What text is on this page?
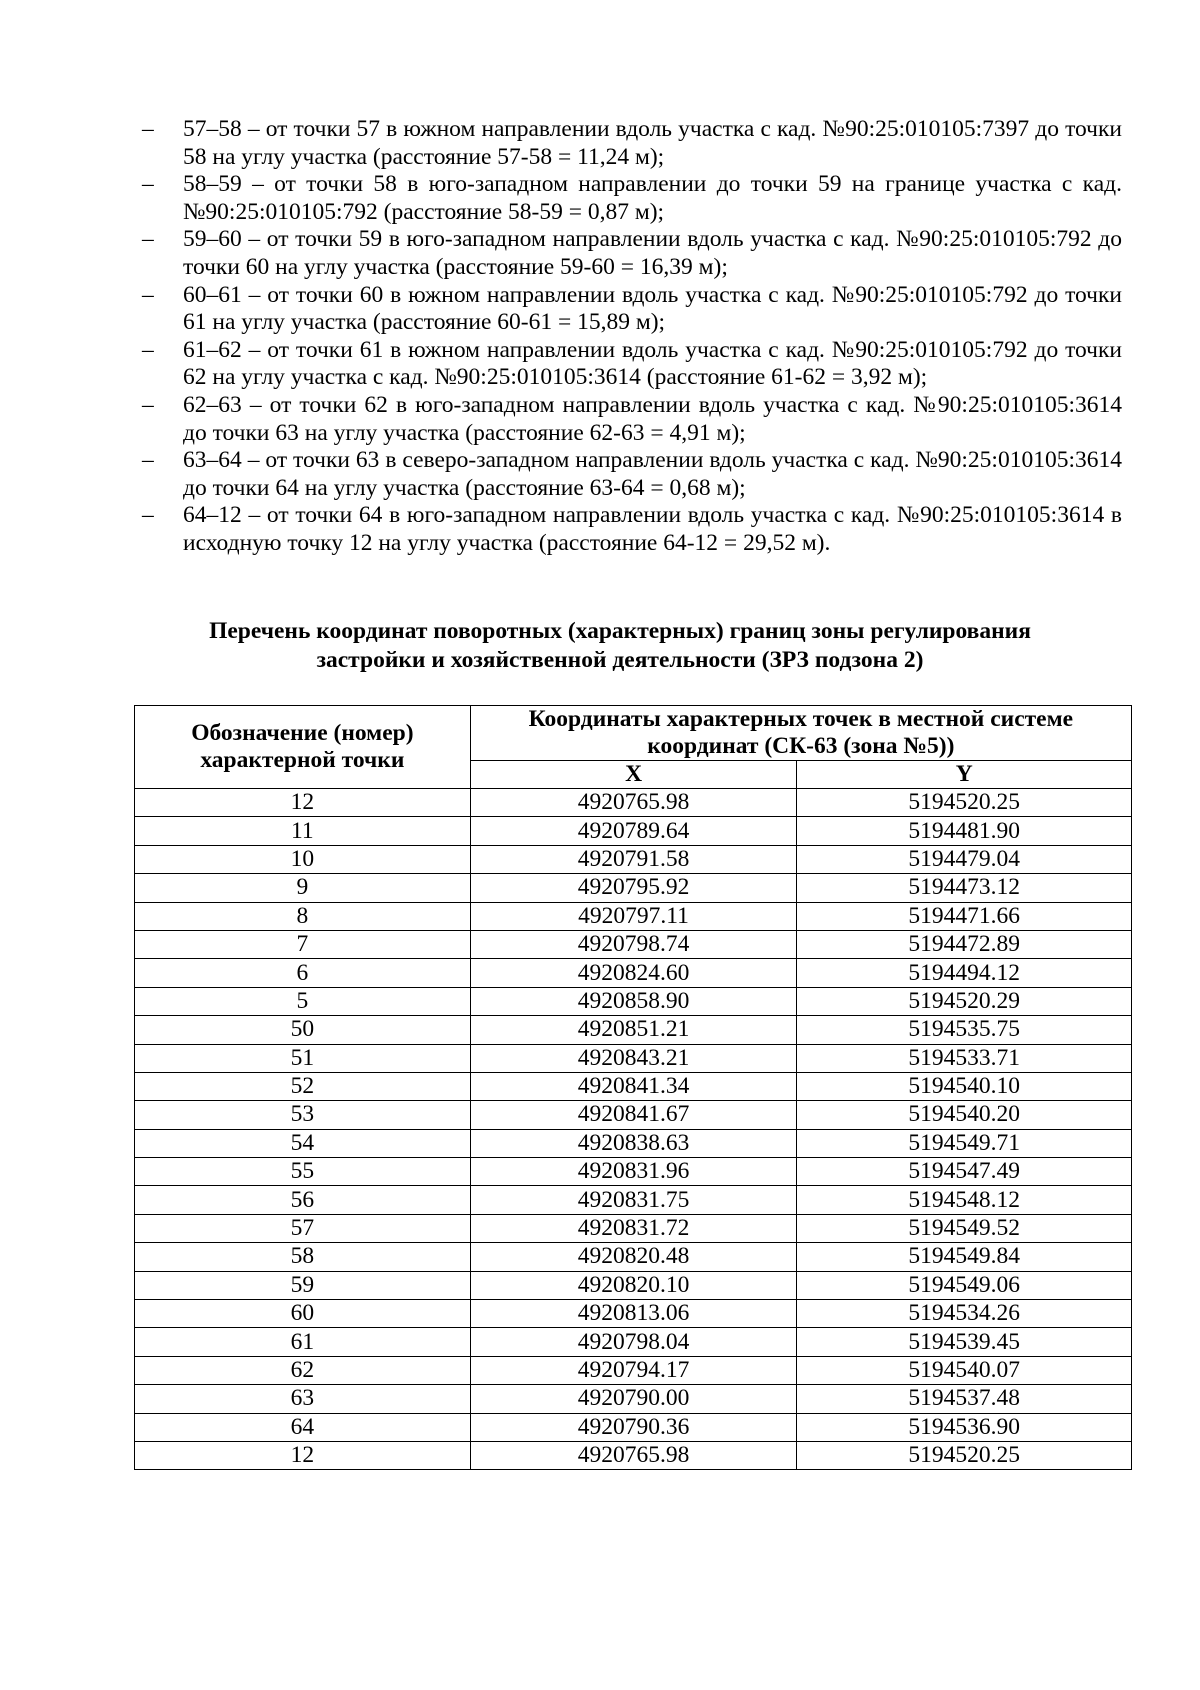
– 57–58 – от точки 57 в южном направлении вдоль участка с кад. №90:25:010105:7397 до точки 58 на углу участка (расстояние 57-58 = 11,24 м);
– 58–59 – от точки 58 в юго-западном направлении до точки 59 на границе участка с кад. №90:25:010105:792 (расстояние 58-59 = 0,87 м);
– 59–60 – от точки 59 в юго-западном направлении вдоль участка с кад. №90:25:010105:792 до точки 60 на углу участка (расстояние 59-60 = 16,39 м);
– 60–61 – от точки 60 в южном направлении вдоль участка с кад. №90:25:010105:792 до точки 61 на углу участка (расстояние 60-61 = 15,89 м);
– 61–62 – от точки 61 в южном направлении вдоль участка с кад. №90:25:010105:792 до точки 62 на углу участка с кад. №90:25:010105:3614 (расстояние 61-62 = 3,92 м);
– 62–63 – от точки 62 в юго-западном направлении вдоль участка с кад. №90:25:010105:3614 до точки 63 на углу участка (расстояние 62-63 = 4,91 м);
– 63–64 – от точки 63 в северо-западном направлении вдоль участка с кад. №90:25:010105:3614 до точки 64 на углу участка (расстояние 63-64 = 0,68 м);
– 64–12 – от точки 64 в юго-западном направлении вдоль участка с кад. №90:25:010105:3614 в исходную точку 12 на углу участка (расстояние 64-12 = 29,52 м).
Перечень координат поворотных (характерных) границ зоны регулирования
застройки и хозяйственной деятельности (ЗРЗ подзона 2)
Обозначение (номер) характерной точки	Координаты характерных точек в местной системе координат (СК-63 (зона №5))	
	X	Y
12	4920765.98	5194520.25
11	4920789.64	5194481.90
10	4920791.58	5194479.04
9	4920795.92	5194473.12
8	4920797.11	5194471.66
7	4920798.74	5194472.89
6	4920824.60	5194494.12
5	4920858.90	5194520.29
50	4920851.21	5194535.75
51	4920843.21	5194533.71
52	4920841.34	5194540.10
53	4920841.67	5194540.20
54	4920838.63	5194549.71
55	4920831.96	5194547.49
56	4920831.75	5194548.12
57	4920831.72	5194549.52
58	4920820.48	5194549.84
59	4920820.10	5194549.06
60	4920813.06	5194534.26
61	4920798.04	5194539.45
62	4920794.17	5194540.07
63	4920790.00	5194537.48
64	4920790.36	5194536.90
12	4920765.98	5194520.25
